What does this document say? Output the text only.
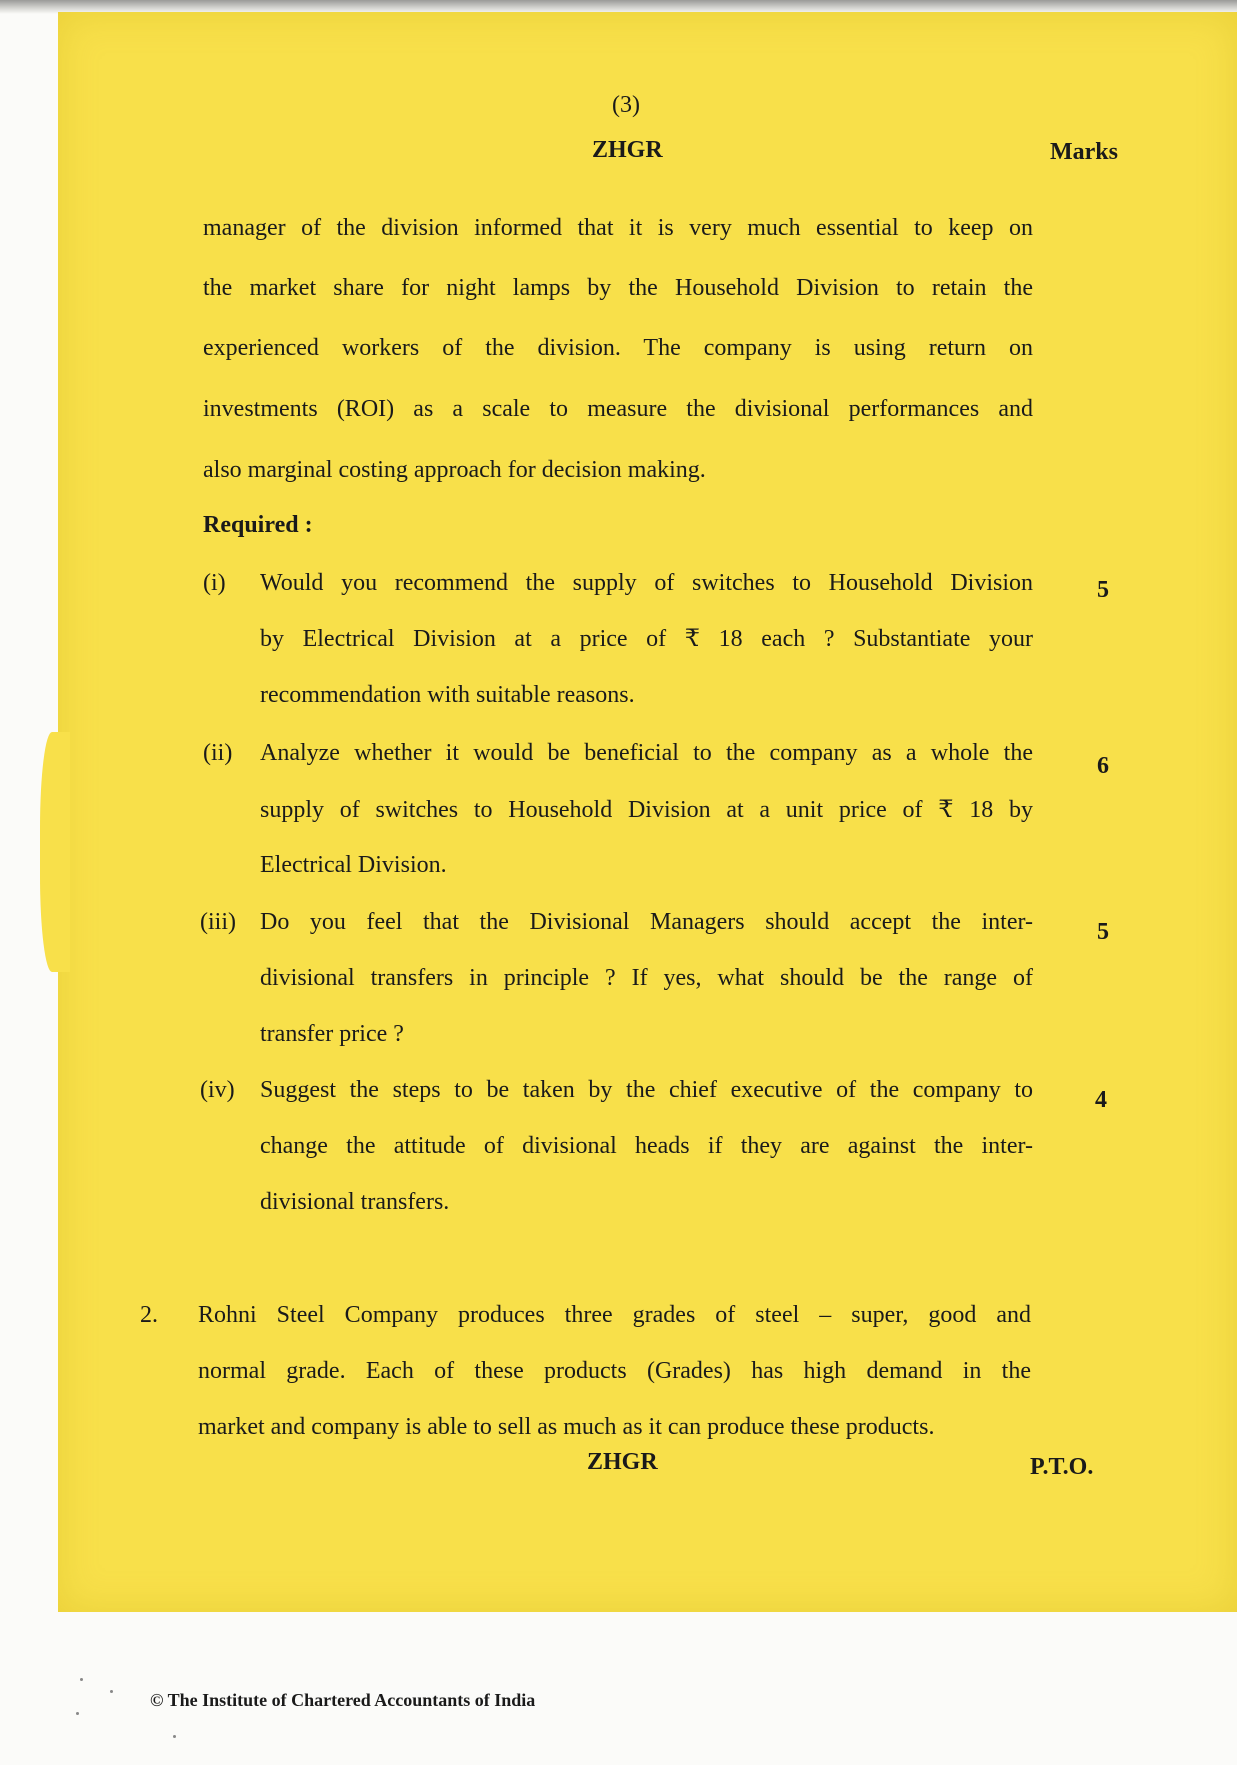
(3)
ZHGR	Marks
manager of the division informed that it is very much essential to keep on
the market share for night lamps by the Household Division to retain the
experienced workers of the division. The company is using return on
investments (ROI) as a scale to measure the divisional performances and
also marginal costing approach for decision making.
Required :
(i) Would you recommend the supply of switches to Household Division	5
by Electrical Division at a price of ₹ 18 each ? Substantiate your
recommendation with suitable reasons.
(ii) Analyze whether it would be beneficial to the company as a whole the	6
supply of switches to Household Division at a unit price of ₹ 18 by
Electrical Division.
(iii) Do you feel that the Divisional Managers should accept the inter-	5
divisional transfers in principle ? If yes, what should be the range of
transfer price ?
(iv) Suggest the steps to be taken by the chief executive of the company to	4
change the attitude of divisional heads if they are against the inter-
divisional transfers.
2. Rohni Steel Company produces three grades of steel – super, good and
normal grade. Each of these products (Grades) has high demand in the
market and company is able to sell as much as it can produce these products.
ZHGR	P.T.O.
© The Institute of Chartered Accountants of India
